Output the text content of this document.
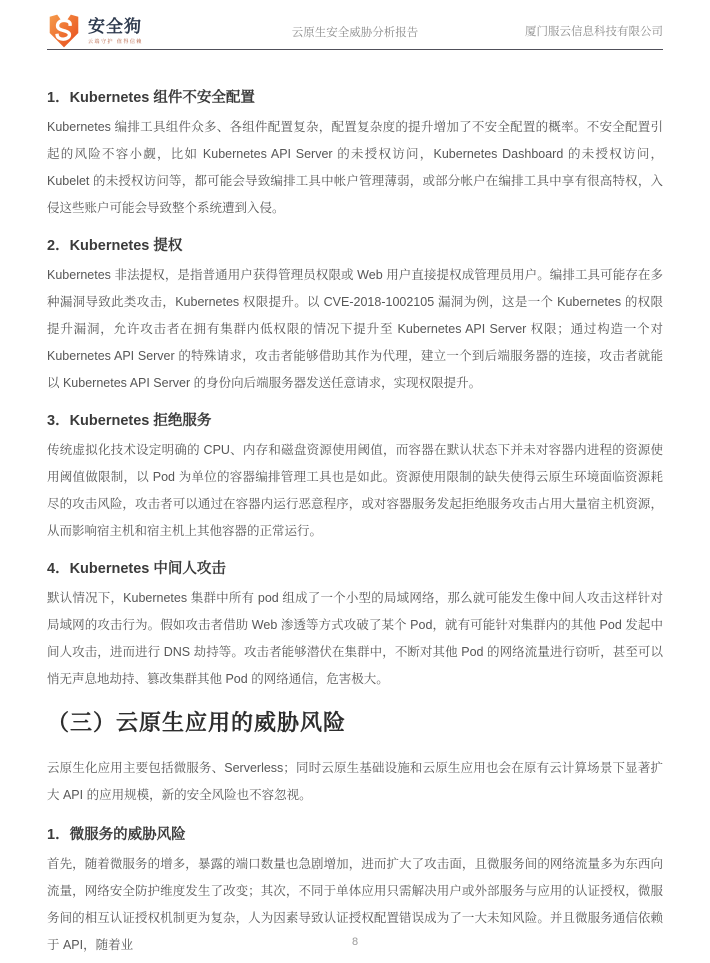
安全狗
云端守护 值得信赖
云原生安全威胁分析报告	厦门服云信息科技有限公司
1．Kubernetes 组件不安全配置

Kubernetes 编排工具组件众多、各组件配置复杂，配置复杂度的提升增加了不安全配置的概率。不安全配置引起的风险不容小觑，比如 Kubernetes API Server 的未授权访问，Kubernetes Dashboard 的未授权访问，Kubelet 的未授权访问等，都可能会导致编排工具中帐户管理薄弱，或部分帐户在编排工具中享有很高特权，入侵这些账户可能会导致整个系统遭到入侵。

2．Kubernetes 提权

Kubernetes 非法提权，是指普通用户获得管理员权限或 Web 用户直接提权成管理员用户。编排工具可能存在多种漏洞导致此类攻击，Kubernetes 权限提升。以 CVE-2018-1002105 漏洞为例，这是一个 Kubernetes 的权限提升漏洞，允许攻击者在拥有集群内低权限的情况下提升至 Kubernetes API Server 权限；通过构造一个对 Kubernetes API Server 的特殊请求，攻击者能够借助其作为代理，建立一个到后端服务器的连接，攻击者就能以 Kubernetes API Server 的身份向后端服务器发送任意请求，实现权限提升。

3．Kubernetes 拒绝服务

传统虚拟化技术设定明确的 CPU、内存和磁盘资源使用阈值，而容器在默认状态下并未对容器内进程的资源使用阈值做限制，以 Pod 为单位的容器编排管理工具也是如此。资源使用限制的缺失使得云原生环境面临资源耗尽的攻击风险，攻击者可以通过在容器内运行恶意程序，或对容器服务发起拒绝服务攻击占用大量宿主机资源，从而影响宿主机和宿主机上其他容器的正常运行。

4．Kubernetes 中间人攻击

默认情况下，Kubernetes 集群中所有 pod 组成了一个小型的局域网络，那么就可能发生像中间人攻击这样针对局域网的攻击行为。假如攻击者借助 Web 渗透等方式攻破了某个 Pod，就有可能针对集群内的其他 Pod 发起中间人攻击，进而进行 DNS 劫持等。攻击者能够潜伏在集群中，不断对其他 Pod 的网络流量进行窃听，甚至可以悄无声息地劫持、篡改集群其他 Pod 的网络通信，危害极大。

（三）云原生应用的威胁风险

云原生化应用主要包括微服务、Serverless；同时云原生基础设施和云原生应用也会在原有云计算场景下显著扩大 API 的应用规模，新的安全风险也不容忽视。

1．微服务的威胁风险

首先，随着微服务的增多，暴露的端口数量也急剧增加，进而扩大了攻击面，且微服务间的网络流量多为东西向流量，网络安全防护维度发生了改变；其次，不同于单体应用只需解决用户或外部服务与应用的认证授权，微服务间的相互认证授权机制更为复杂，人为因素导致认证授权配置错误成为了一大未知风险。并且微服务通信依赖于 API，随着业	8
